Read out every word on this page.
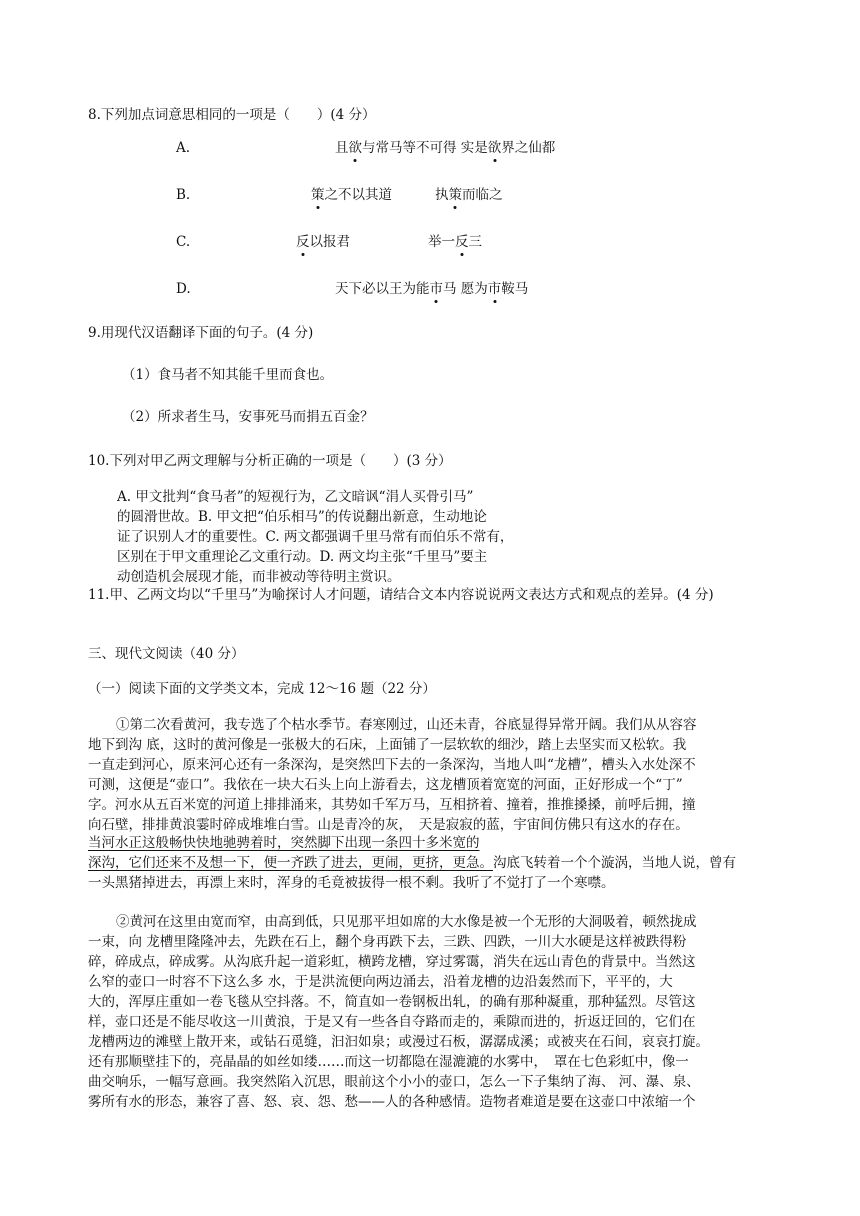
8.下列加点词意思相同的一项是（　　）(4 分）
A.	且欲与常马等不可得 实是欲界之仙都
B.	策之不以其道	执策而临之
C.	反以报君	举一反三
D.	天下必以王为能市马 愿为市鞍马
9.用现代汉语翻译下面的句子。(4 分)
（1）食马者不知其能千里而食也。
（2）所求者生马，安事死马而捐五百金？
10.下列对甲乙两文理解与分析正确的一项是（　　）(3 分）
A. 甲文批判“食马者”的短视行为，乙文暗讽“涓人买骨引马”
的圆滑世故。B. 甲文把“伯乐相马”的传说翻出新意，生动地论
证了识别人才的重要性。C. 两文都强调千里马常有而伯乐不常有，
区别在于甲文重理论乙文重行动。D. 两文均主张“千里马”要主
动创造机会展现才能，而非被动等待明主赏识。
11.甲、乙两文均以“千里马”为喻探讨人才问题，请结合文本内容说说两文表达方式和观点的差异。(4 分)
三、现代文阅读（40 分）
（一）阅读下面的文学类文本，完成 12～16 题（22 分）
①第二次看黄河，我专选了个枯水季节。春寒刚过，山还未青，谷底显得异常开阔。我们从从容容
地下到沟 底，这时的黄河像是一张极大的石床，上面铺了一层软软的细沙，踏上去坚实而又松软。我
一直走到河心，原来河心还有一条深沟，是突然凹下去的一条深沟，当地人叫“龙槽”，槽头入水处深不
可测，这便是“壶口”。我依在一块大石头上向上游看去，这龙槽顶着宽宽的河面，正好形成一个“丁”
字。河水从五百米宽的河道上排排涌来，其势如千军万马，互相挤着、撞着，推推搡搡，前呼后拥，撞
向石壁，排排黄浪霎时碎成堆堆白雪。山是青冷的灰，　天是寂寂的蓝，宇宙间仿佛只有这水的存在。
当河水正这般畅快快地驰骋着时，突然脚下出现一条四十多米宽的
深沟，它们还来不及想一下，便一齐跌了进去，更闹，更挤，更急。沟底飞转着一个个漩涡，当地人说，曾有
一头黑猪掉进去，再漂上来时，浑身的毛竟被拔得一根不剩。我听了不觉打了一个寒噤。
②黄河在这里由宽而窄，由高到低，只见那平坦如席的大水像是被一个无形的大洞吸着，顿然拢成
一束，向 龙槽里隆隆冲去，先跌在石上，翻个身再跌下去，三跌、四跌，一川大水硬是这样被跌得粉
碎，碎成点，碎成雾。从沟底升起一道彩虹，横跨龙槽，穿过雾霭，消失在远山青色的背景中。当然这
么窄的壶口一时容不下这么多 水，于是洪流便向两边涌去，沿着龙槽的边沿轰然而下，平平的，大
大的，浑厚庄重如一卷飞毯从空抖落。不，简直如一卷钢板出轧，的确有那种凝重，那种猛烈。尽管这
样，壶口还是不能尽收这一川黄浪，于是又有一些各自夺路而走的，乘隙而进的，折返迂回的，它们在
龙槽两边的滩壁上散开来，或钻石觅缝，汩汩如泉；或漫过石板，潺潺成溪；或被夹在石间，哀哀打旋。
还有那顺壁挂下的，亮晶晶的如丝如缕……而这一切都隐在湿漉漉的水雾中，　罩在七色彩虹中，像一
曲交响乐，一幅写意画。我突然陷入沉思，眼前这个小小的壶口，怎么一下子集纳了海、 河、瀑、泉、
雾所有水的形态，兼容了喜、怒、哀、怨、愁——人的各种感情。造物者难道是要在这壶口中浓缩一个
